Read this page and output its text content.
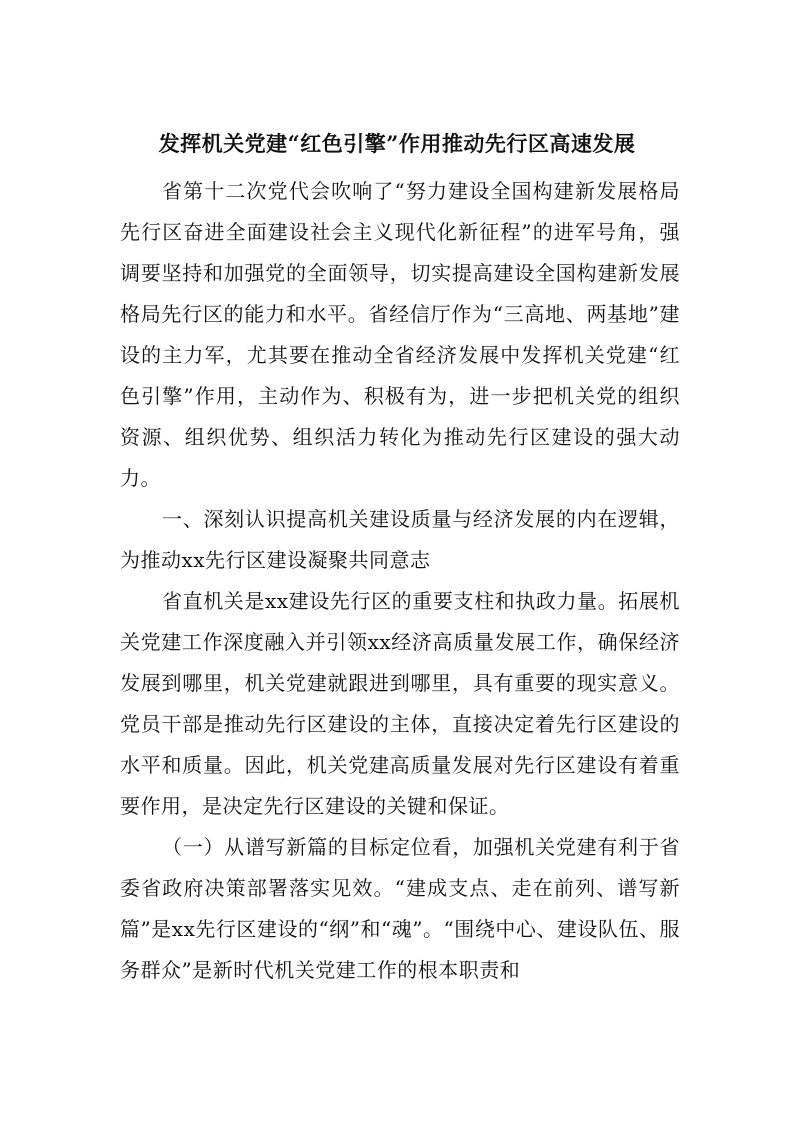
发挥机关党建“红色引擎”作用推动先行区高速发展

省第十二次党代会吹响了“努力建设全国构建新发展格局先行区奋进全面建设社会主义现代化新征程”的进军号角，强调要坚持和加强党的全面领导，切实提高建设全国构建新发展格局先行区的能力和水平。省经信厅作为“三高地、两基地”建设的主力军，尤其要在推动全省经济发展中发挥机关党建“红色引擎”作用，主动作为、积极有为，进一步把机关党的组织资源、组织优势、组织活力转化为推动先行区建设的强大动力。

一、深刻认识提高机关建设质量与经济发展的内在逻辑，为推动xx先行区建设凝聚共同意志

省直机关是xx建设先行区的重要支柱和执政力量。拓展机关党建工作深度融入并引领xx经济高质量发展工作，确保经济发展到哪里，机关党建就跟进到哪里，具有重要的现实意义。党员干部是推动先行区建设的主体，直接决定着先行区建设的水平和质量。因此，机关党建高质量发展对先行区建设有着重要作用，是决定先行区建设的关键和保证。

（一）从谱写新篇的目标定位看，加强机关党建有利于省委省政府决策部署落实见效。“建成支点、走在前列、谱写新篇”是xx先行区建设的“纲”和“魂”。“围绕中心、建设队伍、服务群众”是新时代机关党建工作的根本职责和
